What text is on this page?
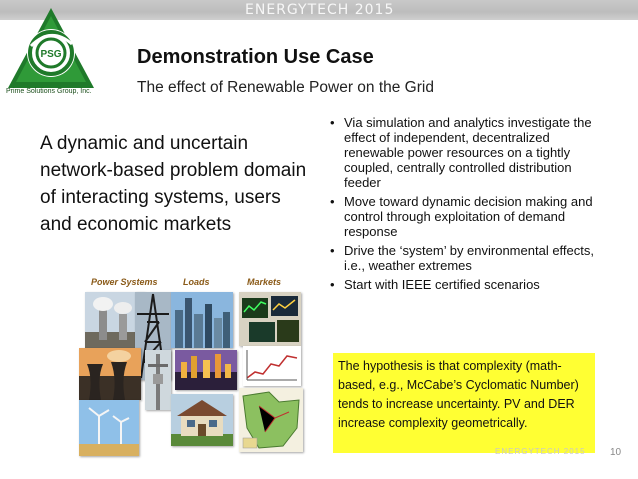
ENERGYTECH 2015
PSG
Prime Solutions Group, Inc.
Demonstration Use Case
The effect of Renewable Power on the Grid
A dynamic and uncertain network-based problem domain of interacting systems, users and economic markets
• Via simulation and analytics investigate the effect of independent, decentralized renewable power resources on a tightly coupled, centrally controlled distribution feeder
• Move toward dynamic decision making and control through exploitation of demand response
• Drive the ‘system’ by environmental effects, i.e., weather extremes
• Start with IEEE certified scenarios
Power Systems	Loads	Markets
The hypothesis is that complexity (math-based, e.g., McCabe’s Cyclomatic Number) tends to increase uncertainty. PV and DER increase complexity geometrically.
ENERGYTECH 2015 10
